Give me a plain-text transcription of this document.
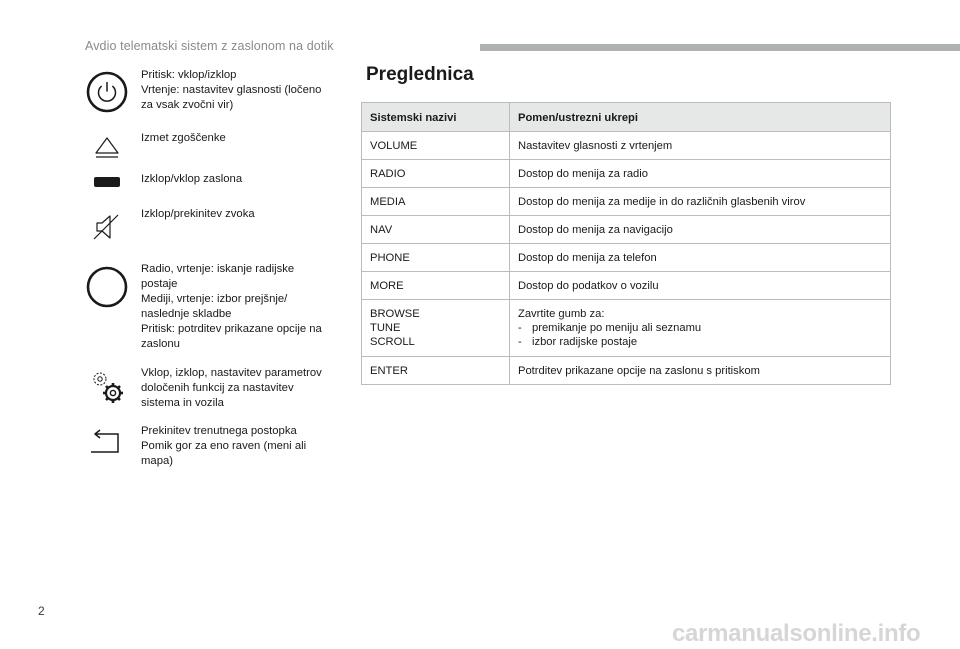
Avdio telematski sistem z zaslonom na dotik
Pritisk: vklop/izklop
Vrtenje: nastavitev glasnosti (ločeno
za vsak zvočni vir)
Izmet zgoščenke
Izklop/vklop zaslona
Izklop/prekinitev zvoka
Radio, vrtenje: iskanje radijske
postaje
Mediji, vrtenje: izbor prejšnje/
naslednje skladbe
Pritisk: potrditev prikazane opcije na
zaslonu
Vklop, izklop, nastavitev parametrov
določenih funkcij za nastavitev
sistema in vozila
Prekinitev trenutnega postopka
Pomik gor za eno raven (meni ali
mapa)
Preglednica
Sistemski nazivi	Pomen/ustrezni ukrepi
VOLUME	Nastavitev glasnosti z vrtenjem
RADIO	Dostop do menija za radio
MEDIA	Dostop do menija za medije in do različnih glasbenih virov
NAV	Dostop do menija za navigacijo
PHONE	Dostop do menija za telefon
MORE	Dostop do podatkov o vozilu

BROWSE
TUNE
SCROLL	Zavrtite gumb za:
- premikanje po meniju ali seznamu
- izbor radijske postaje

ENTER	Potrditev prikazane opcije na zaslonu s pritiskom
2
carmanualsonline.info
